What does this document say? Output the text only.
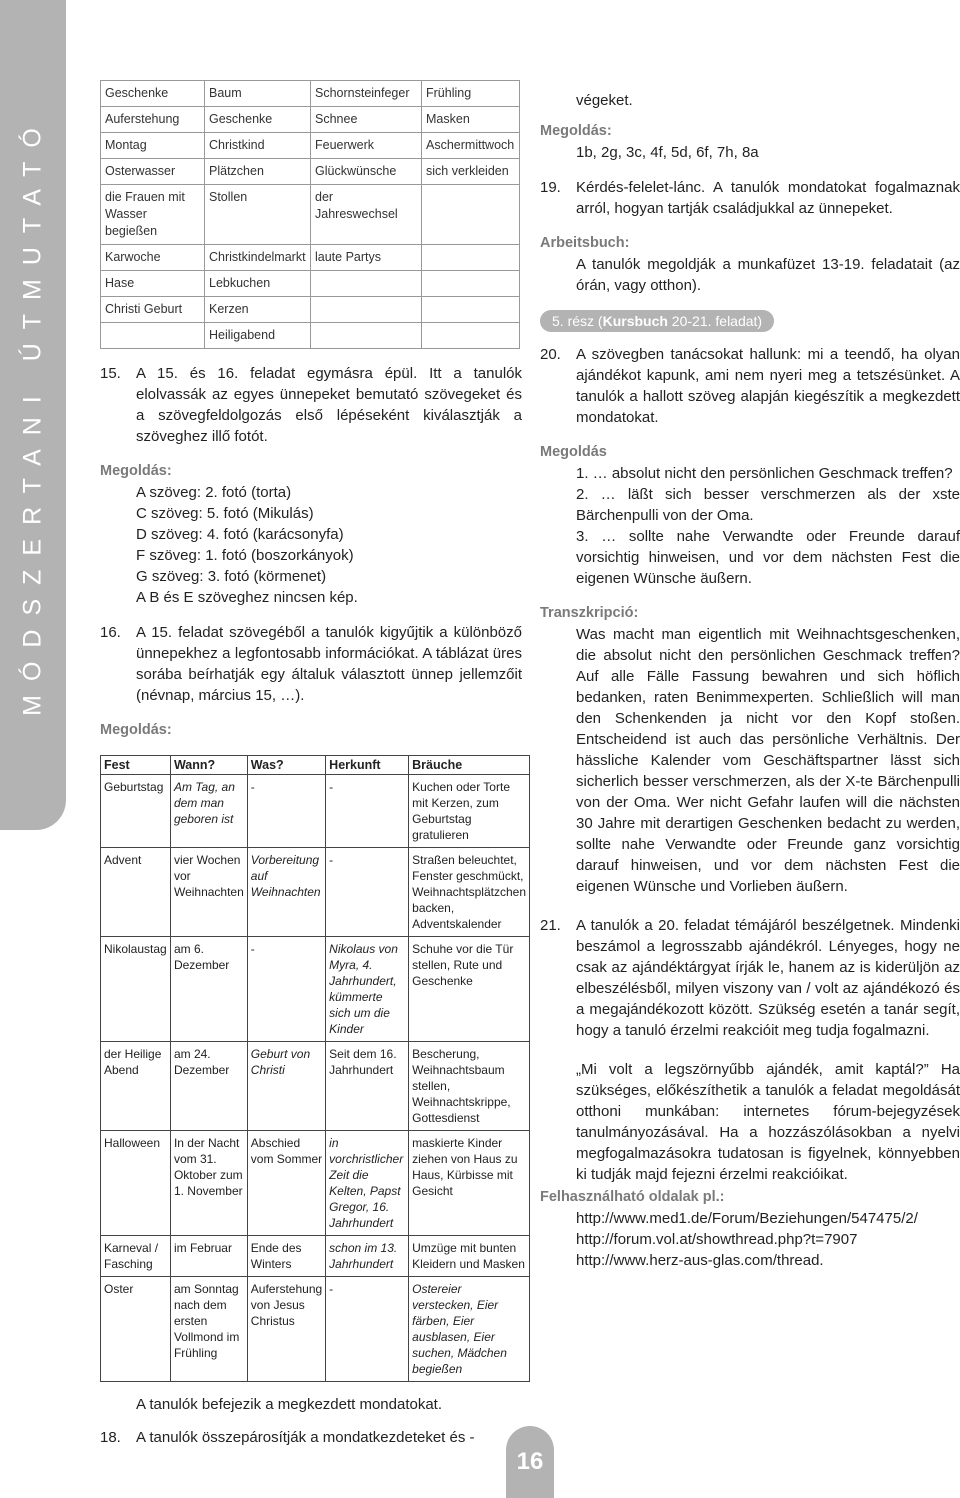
MÓDSZERTANI ÚTMUTATÓ
Geschenke	Baum	Schornsteinfeger	Frühling
Auferstehung	Geschenke	Schnee	Masken
Montag	Christkind	Feuerwerk	Aschermittwoch
Osterwasser	Plätzchen	Glückwünsche	sich verkleiden
die Frauen mit Wasser begießen	Stollen	der Jahreswechsel	
Karwoche	Christkindelmarkt	laute Partys	
Hase	Lebkuchen		
Christi Geburt	Kerzen		
	Heiligabend		
15. A 15. és 16. feladat egymásra épül. Itt a tanulók elolvassák az egyes ünnepeket bemutató szövegeket és a szövegfeldolgozás első lépéseként kiválasztják a szöveghez illő fotót.
Megoldás:
A szöveg: 2. fotó (torta)
C szöveg: 5. fotó (Mikulás)
D szöveg: 4. fotó (karácsonyfa)
F szöveg: 1. fotó (boszorkányok)
G szöveg: 3. fotó (körmenet)
A B és E szöveghez nincsen kép.
16. A 15. feladat szövegéből a tanulók kigyűjtik a különböző ünnepekhez a legfontosabb információkat. A táblázat üres sorába beírhatják egy általuk választott ünnep jellemzőit (névnap, március 15, …).
Megoldás:
Fest	Wann?	Was?	Herkunft	Bräuche
Geburtstag	Am Tag, an dem man geboren ist	-	-	Kuchen oder Torte mit Kerzen, zum Geburtstag gratulieren
Advent	vier Wochen vor Weihnachten	Vorbereitung auf Weihnachten	-	Straßen beleuchtet, Fenster geschmückt, Weihnachtsplätzchen backen, Adventskalender
Nikolaustag	am 6. Dezember	-	Nikolaus von Myra, 4. Jahrhundert, kümmerte sich um die Kinder	Schuhe vor die Tür stellen, Rute und Geschenke
der Heilige Abend	am 24. Dezember	Geburt von Christi	Seit dem 16. Jahrhundert	Bescherung, Weihnachtsbaum stellen, Weihnachtskrippe, Gottesdienst
Halloween	In der Nacht vom 31. Oktober zum 1. November	Abschied vom Sommer	in vorchristlicher Zeit die Kelten, Papst Gregor, 16. Jahrhundert	maskierte Kinder ziehen von Haus zu Haus, Kürbisse mit Gesicht
Karneval / Fasching	im Februar	Ende des Winters	schon im 13. Jahrhundert	Umzüge mit bunten Kleidern und Masken
Oster	am Sonntag nach dem ersten Vollmond im Frühling	Auferstehung von Jesus Christus	-	Ostereier verstecken, Eier färben, Eier ausblasen, Eier suchen, Mädchen begießen
A tanulók befejezik a megkezdett mondatokat.
18. A tanulók összepárosítják a mondatkezdeteket és -
végeket.
Megoldás:
1b, 2g, 3c, 4f, 5d, 6f, 7h, 8a
19. Kérdés-felelet-lánc. A tanulók mondatokat fogalmaznak arról, hogyan tartják családjukkal az ünnepeket.
Arbeitsbuch:
A tanulók megoldják a munkafüzet 13-19. feladatait (az órán, vagy otthon).
5. rész (Kursbuch 20-21. feladat)
20. A szövegben tanácsokat hallunk: mi a teendő, ha olyan ajándékot kapunk, ami nem nyeri meg a tetszésünket. A tanulók a hallott szöveg alapján kiegészítik a megkezdett mondatokat.
Megoldás
1. … absolut nicht den persönlichen Geschmack treffen?
2. … läßt sich besser verschmerzen als der xste Bärchenpulli von der Oma.
3. … sollte nahe Verwandte oder Freunde darauf vorsichtig hinweisen, und vor dem nächsten Fest die eigenen Wünsche äußern.
Transzkripció:
Was macht man eigentlich mit Weihnachtsgeschenken, die absolut nicht den persönlichen Geschmack treffen? Auf alle Fälle Fassung bewahren und sich höflich bedanken, raten Benimmexperten. Schließlich will man den Schenkenden ja nicht vor den Kopf stoßen. Entscheidend ist auch das persönliche Verhältnis. Der hässliche Kalender vom Geschäftspartner lässt sich sicherlich besser verschmerzen, als der X-te Bärchenpulli von der Oma. Wer nicht Gefahr laufen will die nächsten 30 Jahre mit derartigen Geschenken bedacht zu werden, sollte nahe Verwandte oder Freunde ganz vorsichtig darauf hinweisen, und vor dem nächsten Fest die eigenen Wünsche und Vorlieben äußern.
21. A tanulók a 20. feladat témájáról beszélgetnek. Mindenki beszámol a legrosszabb ajándékról. Lényeges, hogy ne csak az ajándéktárgyat írják le, hanem az is kiderüljön az elbeszélésből, milyen viszony van / volt az ajándékozó és a megajándékozott között. Szükség esetén a tanár segít, hogy a tanuló érzelmi reakcióit meg tudja fogalmazni.
„Mi volt a legszörnyűbb ajándék, amit kaptál?” Ha szükséges, előkészíthetik a tanulók a feladat megoldását otthoni munkában: internetes fórum-bejegyzések tanulmányozásával. Ha a hozzászólásokban a nyelvi megfogalmazásokra tudatosan is figyelnek, könnyebben ki tudják majd fejezni érzelmi reakcióikat.
Felhasználható oldalak pl.:
http://www.med1.de/Forum/Beziehungen/547475/2/
http://forum.vol.at/showthread.php?t=7907
http://www.herz-aus-glas.com/thread.
16
